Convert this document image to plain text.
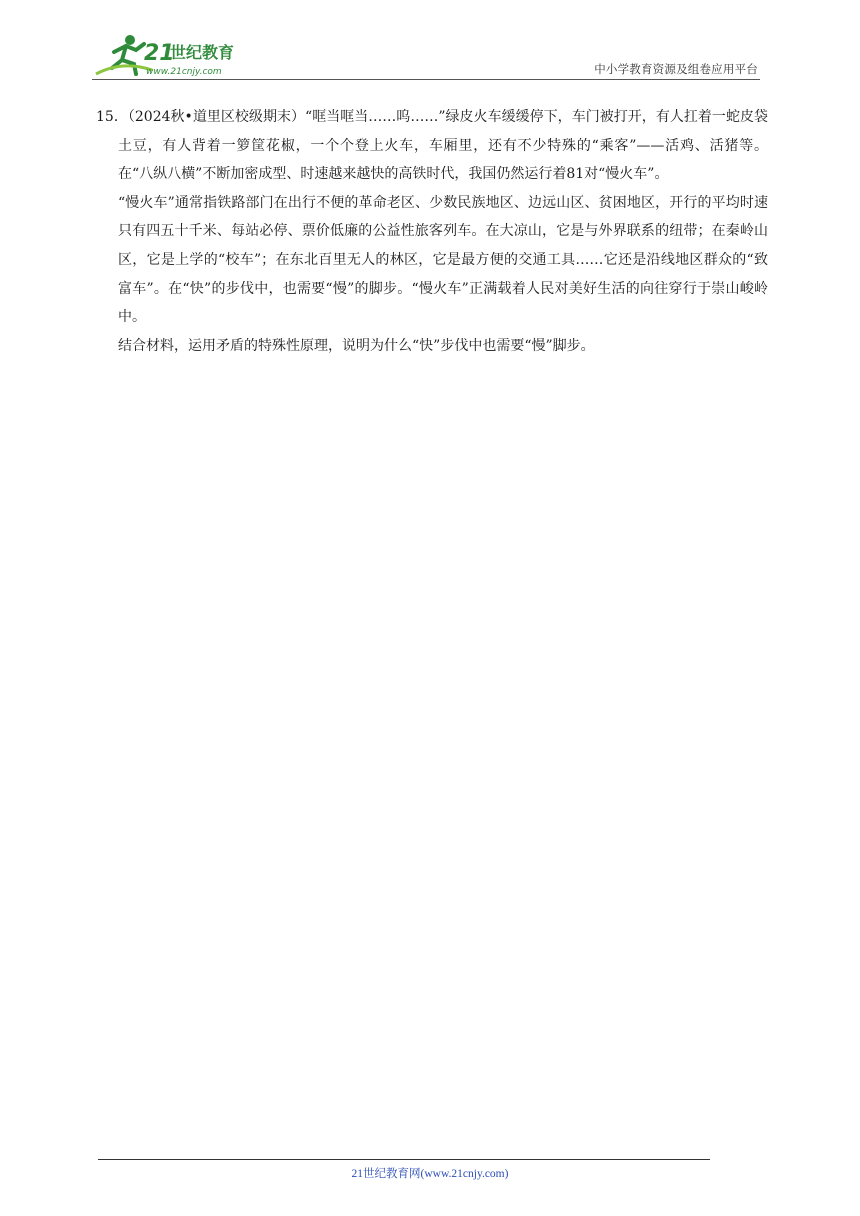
21
世纪教育
www.21cnjy.com	中小学教育资源及组卷应用平台

15．（2024秋•道里区校级期末）“哐当哐当……呜……”绿皮火车缓缓停下，车门被打开，有人扛着一蛇皮袋土豆，有人背着一箩筐花椒，一个个登上火车，车厢里，还有不少特殊的“乘客”——活鸡、活猪等。在“八纵八横”不断加密成型、时速越来越快的高铁时代，我国仍然运行着81对“慢火车”。

“慢火车”通常指铁路部门在出行不便的革命老区、少数民族地区、边远山区、贫困地区，开行的平均时速只有四五十千米、每站必停、票价低廉的公益性旅客列车。在大凉山，它是与外界联系的纽带；在秦岭山区，它是上学的“校车”；在东北百里无人的林区，它是最方便的交通工具……它还是沿线地区群众的“致富车”。在“快”的步伐中，也需要“慢”的脚步。“慢火车”正满载着人民对美好生活的向往穿行于崇山峻岭中。

结合材料，运用矛盾的特殊性原理，说明为什么“快”步伐中也需要“慢”脚步。

21世纪教育网(www.21cnjy.com)
